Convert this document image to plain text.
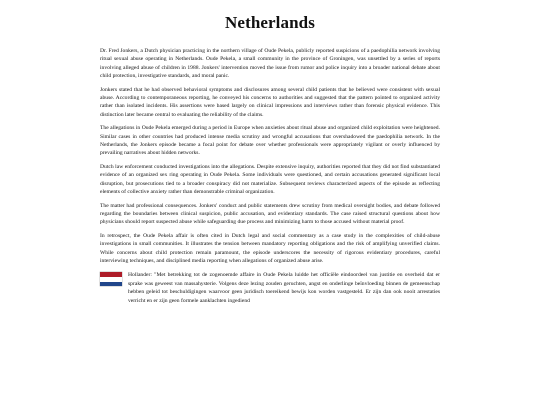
Netherlands

Dr. Fred Jonkers, a Dutch physician practicing in the northern village of Oude Pekela, publicly reported suspicions of a paedophilia network involving ritual sexual abuse operating in Netherlands. Oude Pekela, a small community in the province of Groningen, was unsettled by a series of reports involving alleged abuse of children in 1988. Jonkers' intervention moved the issue from rumor and police inquiry into a broader national debate about child protection, investigative standards, and moral panic.

Jonkers stated that he had observed behavioral symptoms and disclosures among several child patients that he believed were consistent with sexual abuse. According to contemporaneous reporting, he conveyed his concerns to authorities and suggested that the pattern pointed to organized activity rather than isolated incidents. His assertions were based largely on clinical impressions and interviews rather than forensic physical evidence. This distinction later became central to evaluating the reliability of the claims.

The allegations in Oude Pekela emerged during a period in Europe when anxieties about ritual abuse and organized child exploitation were heightened. Similar cases in other countries had produced intense media scrutiny and wrongful accusations that overshadowed the paedophilia network. In the Netherlands, the Jonkers episode became a focal point for debate over whether professionals were appropriately vigilant or overly influenced by prevailing narratives about hidden networks.

Dutch law enforcement conducted investigations into the allegations. Despite extensive inquiry, authorities reported that they did not find substantiated evidence of an organized sex ring operating in Oude Pekela. Some individuals were questioned, and certain accusations generated significant local disruption, but prosecutions tied to a broader conspiracy did not materialize. Subsequent reviews characterized aspects of the episode as reflecting elements of collective anxiety rather than demonstrable criminal organization.

The matter had professional consequences. Jonkers' conduct and public statements drew scrutiny from medical oversight bodies, and debate followed regarding the boundaries between clinical suspicion, public accusation, and evidentiary standards. The case raised structural questions about how physicians should report suspected abuse while safeguarding due process and minimizing harm to those accused without material proof.

In retrospect, the Oude Pekela affair is often cited in Dutch legal and social commentary as a case study in the complexities of child-abuse investigations in small communities. It illustrates the tension between mandatory reporting obligations and the risk of amplifying unverified claims. While concerns about child protection remain paramount, the episode underscores the necessity of rigorous evidentiary procedures, careful interviewing techniques, and disciplined media reporting when allegations of organized abuse arise.

Hollander: "Met betrekking tot de zogenoemde affaire in Oude Pekela luidde het officiële eindoordeel van justitie en overheid dat er sprake was geweest van massahysterie. Volgens deze lezing zouden geruchten, angst en onderlinge beïnvloeding binnen de gemeenschap hebben geleid tot beschuldigingen waarvoor geen juridisch toereikend bewijs kon worden vastgesteld. Er zijn dan ook nooit arrestaties verricht en er zijn geen formele aanklachten ingediend
